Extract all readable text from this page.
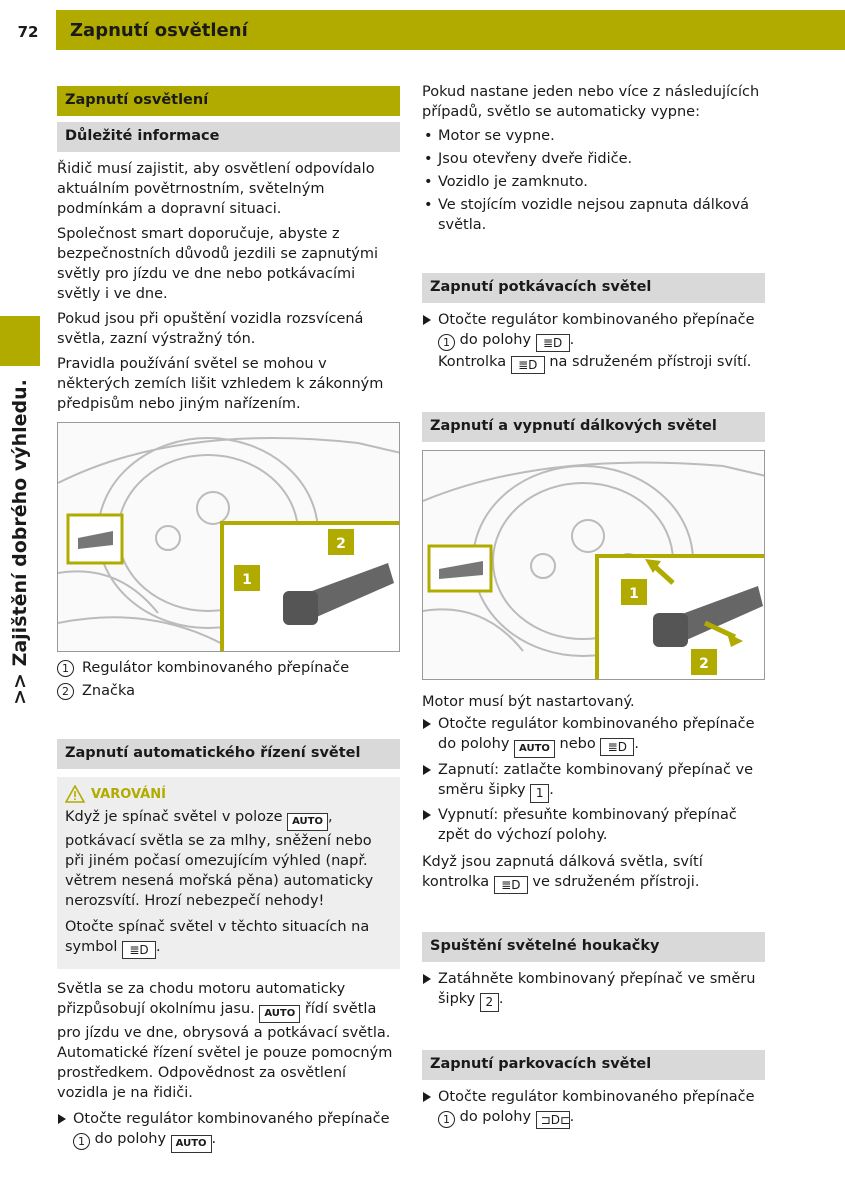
72	Zapnutí osvětlení
>> Zajištění dobrého výhledu.
Zapnutí osvětlení
Důležité informace

Řidič musí zajistit, aby osvětlení odpovídalo aktuálním povětrnostním, světelným podmínkám a dopravní situaci.

Společnost smart doporučuje, abyste z bezpečnostních důvodů jezdili se zapnutými světly pro jízdu ve dne nebo potkávacími světly i ve dne.

Pokud jsou při opuštění vozidla rozsvícená světla, zazní výstražný tón.

Pravidla používání světel se mohou v některých zemích lišit vzhledem k zákonným předpisům nebo jiným nařízením.

1
2

1 Regulátor kombinovaného přepínače

2 Značka

Zapnutí automatického řízení světel
VAROVÁNÍ

Když je spínač světel v poloze AUTO , potkávací světla se za mlhy, sněžení nebo při jiném počasí omezujícím výhled (např. větrem nesená mořská pěna) automaticky nerozsvítí. Hrozí nebezpečí nehody!

Otočte spínač světel v těchto situacích na symbol ≣D .

Světla se za chodu motoru automaticky přizpůsobují okolnímu jasu. AUTO řídí světla pro jízdu ve dne, obrysová a potkávací světla. Automatické řízení světel je pouze pomocným prostředkem. Odpovědnost za osvětlení vozidla je na řidiči.

Otočte regulátor kombinovaného přepínače 1 do polohy AUTO .

Pokud nastane jeden nebo více z následujících případů, světlo se automaticky vypne:

• Motor se vypne.
• Jsou otevřeny dveře řidiče.
• Vozidlo je zamknuto.
• Ve stojícím vozidle nejsou zapnuta dálková světla.
Zapnutí potkávacích světel

Otočte regulátor kombinovaného přepínače 1 do polohy ≣D .
Kontrolka ≣D na sdruženém přístroji svítí.

Zapnutí a vypnutí dálkových světel
1
2

Motor musí být nastartovaný.

Otočte regulátor kombinovaného přepínače do polohy AUTO nebo ≣D .

Zapnutí: zatlačte kombinovaný přepínač ve směru šipky 1 .

Vypnutí: přesuňte kombinovaný přepínač zpět do výchozí polohy.

Když jsou zapnutá dálková světla, svítí kontrolka ≣D ve sdruženém přístroji.

Spuštění světelné houkačky

Zatáhněte kombinovaný přepínač ve směru šipky 2 .

Zapnutí parkovacích světel

Otočte regulátor kombinovaného přepínače 1 do polohy ⊐D⊏.
